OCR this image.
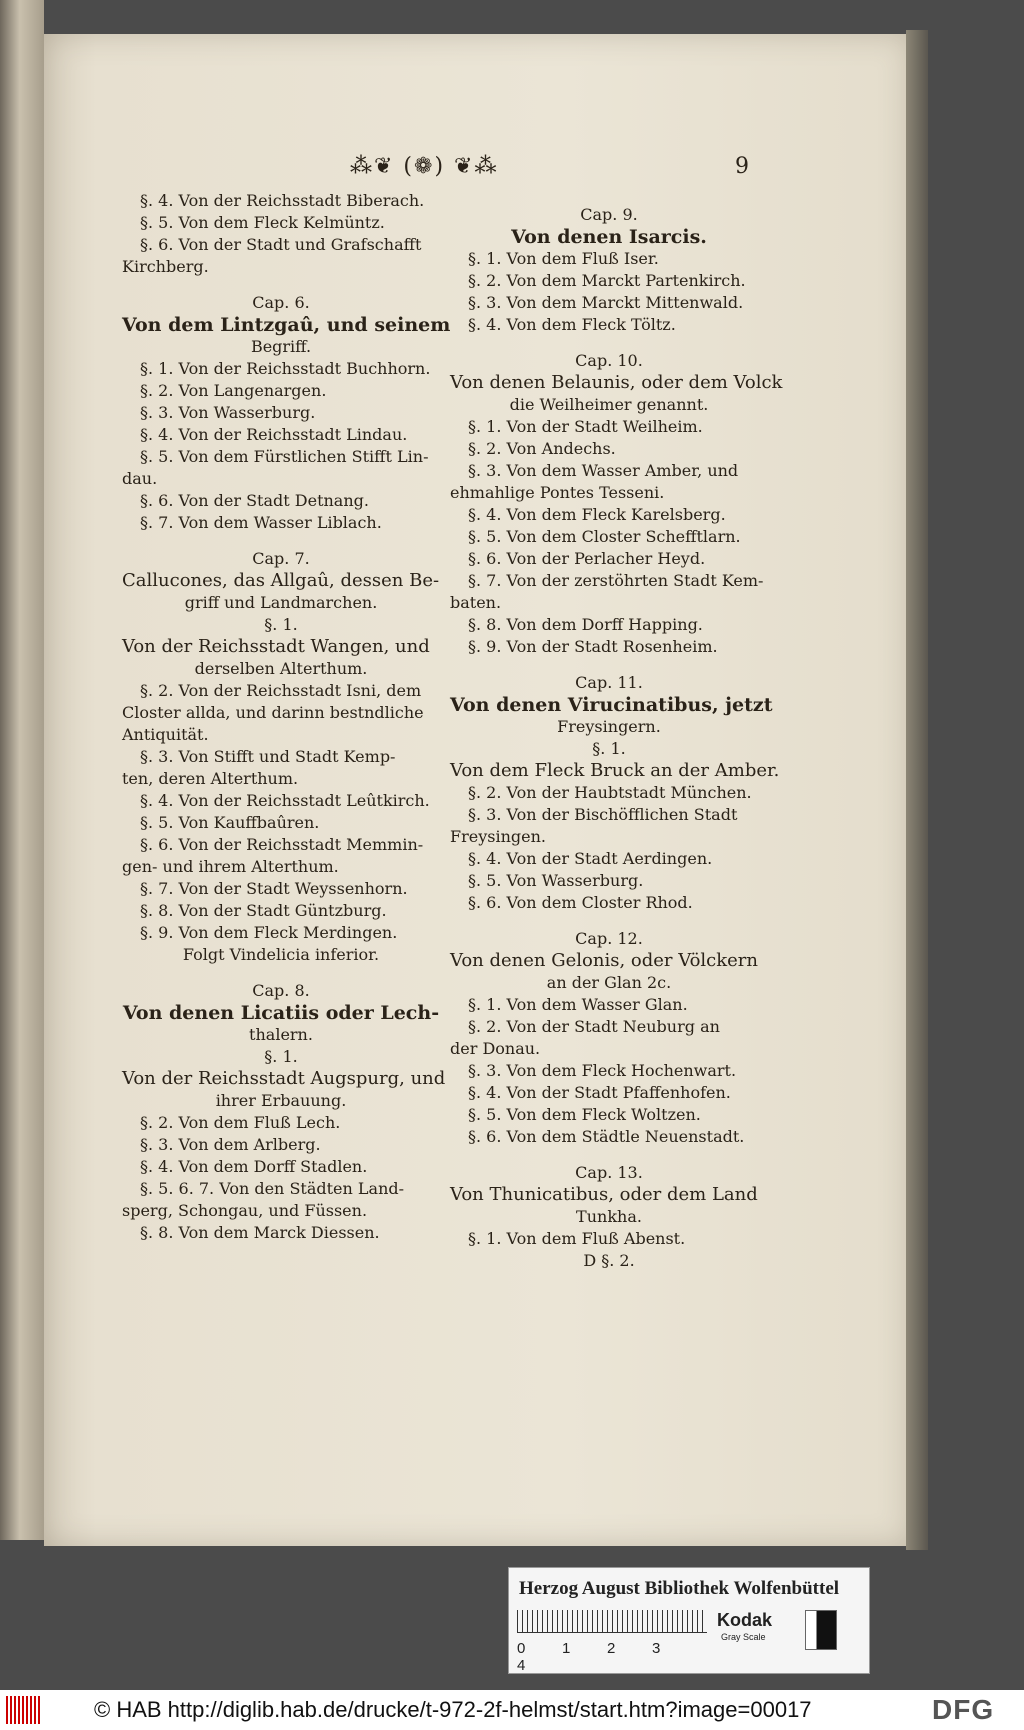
⁂❦ (❁) ❦⁂	9
§. 4. Von der Reichsstadt Biberach.
§. 5. Von dem Fleck Kelmüntz.
§. 6. Von der Stadt und Grafschafft
Kirchberg.
Cap. 6.
Von dem Lintzgaû, und seinem
Begriff.
§. 1. Von der Reichsstadt Buchhorn.
§. 2. Von Langenargen.
§. 3. Von Wasserburg.
§. 4. Von der Reichsstadt Lindau.
§. 5. Von dem Fürstlichen Stifft Lin-
dau.
§. 6. Von der Stadt Detnang.
§. 7. Von dem Wasser Liblach.
Cap. 7.
Callucones, das Allgaû, dessen Be-
griff und Landmarchen.
§. 1.
Von der Reichsstadt Wangen, und
derselben Alterthum.
§. 2. Von der Reichsstadt Isni, dem
Closter allda, und darinn bestndliche
Antiquität.
§. 3. Von Stifft und Stadt Kemp-
ten, deren Alterthum.
§. 4. Von der Reichsstadt Leûtkirch.
§. 5. Von Kauffbaûren.
§. 6. Von der Reichsstadt Memmin-
gen- und ihrem Alterthum.
§. 7. Von der Stadt Weyssenhorn.
§. 8. Von der Stadt Güntzburg.
§. 9. Von dem Fleck Merdingen.
Folgt Vindelicia inferior.
Cap. 8.
Von denen Licatiis oder Lech-
thalern.
§. 1.
Von der Reichsstadt Augspurg, und
ihrer Erbauung.
§. 2. Von dem Fluß Lech.
§. 3. Von dem Arlberg.
§. 4. Von dem Dorff Stadlen.
§. 5. 6. 7. Von den Städten Land-
sperg, Schongau, und Füssen.
§. 8. Von dem Marck Diessen.
Cap. 9.
Von denen Isarcis.
§. 1. Von dem Fluß Iser.
§. 2. Von dem Marckt Partenkirch.
§. 3. Von dem Marckt Mittenwald.
§. 4. Von dem Fleck Töltz.
Cap. 10.
Von denen Belaunis, oder dem Volck
die Weilheimer genannt.
§. 1. Von der Stadt Weilheim.
§. 2. Von Andechs.
§. 3. Von dem Wasser Amber, und
ehmahlige Pontes Tesseni.
§. 4. Von dem Fleck Karelsberg.
§. 5. Von dem Closter Schefftlarn.
§. 6. Von der Perlacher Heyd.
§. 7. Von der zerstöhrten Stadt Kem-
baten.
§. 8. Von dem Dorff Happing.
§. 9. Von der Stadt Rosenheim.
Cap. 11.
Von denen Virucinatibus, jetzt
Freysingern.
§. 1.
Von dem Fleck Bruck an der Amber.
§. 2. Von der Haubtstadt München.
§. 3. Von der Bischöfflichen Stadt
Freysingen.
§. 4. Von der Stadt Aerdingen.
§. 5. Von Wasserburg.
§. 6. Von dem Closter Rhod.
Cap. 12.
Von denen Gelonis, oder Völckern
an der Glan 2c.
§. 1. Von dem Wasser Glan.
§. 2. Von der Stadt Neuburg an
der Donau.
§. 3. Von dem Fleck Hochenwart.
§. 4. Von der Stadt Pfaffenhofen.
§. 5. Von dem Fleck Woltzen.
§. 6. Von dem Städtle Neuenstadt.
Cap. 13.
Von Thunicatibus, oder dem Land
Tunkha.
§. 1. Von dem Fluß Abenst.
D §. 2.
Herzog August Bibliothek Wolfenbüttel
0 1 2 34
Kodak
Gray Scale
© HAB http://diglib.hab.de/drucke/t-972-2f-helmst/start.htm?image=00017	DFG
